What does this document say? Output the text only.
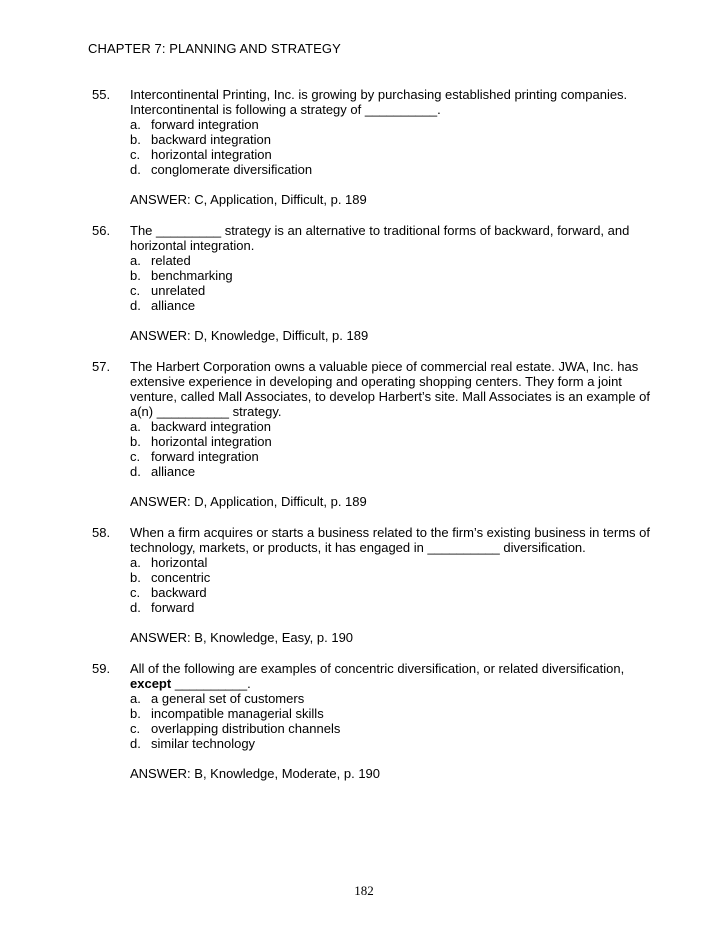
CHAPTER 7: PLANNING AND STRATEGY
55. Intercontinental Printing, Inc. is growing by purchasing established printing companies. Intercontinental is following a strategy of __________.

a. forward integration
b. backward integration
c. horizontal integration
d. conglomerate diversification
ANSWER: C, Application, Difficult, p. 189
56. The _________ strategy is an alternative to traditional forms of backward, forward, and horizontal integration.

a. related
b. benchmarking
c. unrelated
d. alliance
ANSWER: D, Knowledge, Difficult, p. 189
57. The Harbert Corporation owns a valuable piece of commercial real estate. JWA, Inc. has extensive experience in developing and operating shopping centers. They form a joint venture, called Mall Associates, to develop Harbert’s site. Mall Associates is an example of a(n) __________ strategy.

a. backward integration
b. horizontal integration
c. forward integration
d. alliance
ANSWER: D, Application, Difficult, p. 189
58. When a firm acquires or starts a business related to the firm’s existing business in terms of technology, markets, or products, it has engaged in __________ diversification.

a. horizontal
b. concentric
c. backward
d. forward
ANSWER: B, Knowledge, Easy, p. 190
59. All of the following are examples of concentric diversification, or related diversification, except __________.

a. a general set of customers
b. incompatible managerial skills
c. overlapping distribution channels
d. similar technology
ANSWER: B, Knowledge, Moderate, p. 190
182
